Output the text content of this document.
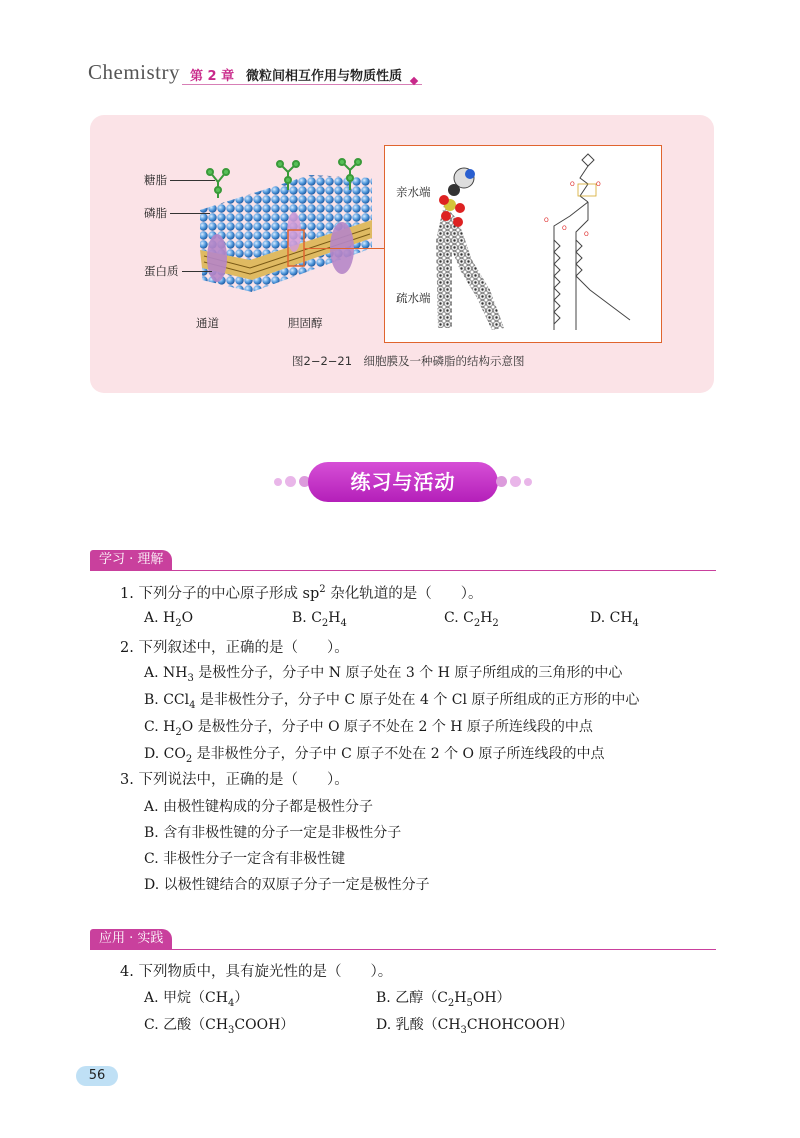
Chemistry 第 2 章 微粒间相互作用与物质性质
糖脂
磷脂
蛋白质
通道	胆固醇
亲水端
疏水端
O	O
O
O
O
图2−2−21　细胞膜及一种磷脂的结构示意图
练习与活动
学习 · 理解
1. 下列分子的中心原子形成 $sp^2$ 杂化轨道的是（　　）。
A. $H_2O$	B. $C_2H_4$	C. $C_2H_2$	D. $CH_4$
2. 下列叙述中，正确的是（　　）。
A. $NH_3$ 是极性分子，分子中 N 原子处在 3 个 H 原子所组成的三角形的中心
B. CCl$_4$ 是非极性分子，分子中 C 原子处在 4 个 Cl 原子所组成的正方形的中心
C. $H_2O$ 是极性分子，分子中 O 原子不处在 2 个 H 原子所连线段的中点
D. $CO_2$ 是非极性分子，分子中 C 原子不处在 2 个 O 原子所连线段的中点
3. 下列说法中，正确的是（　　）。
A. 由极性键构成的分子都是极性分子
B. 含有非极性键的分子一定是非极性分子
C. 非极性分子一定含有非极性键
D. 以极性键结合的双原子分子一定是极性分子
应用 · 实践
4. 下列物质中，具有旋光性的是（　　）。
A. 甲烷$(CH_4)$	B. 乙醇$(C_2H_5OH)$
C. 乙酸$(CH_3COOH)$	D. 乳酸$(CH_3CHOHCOOH)$
56
